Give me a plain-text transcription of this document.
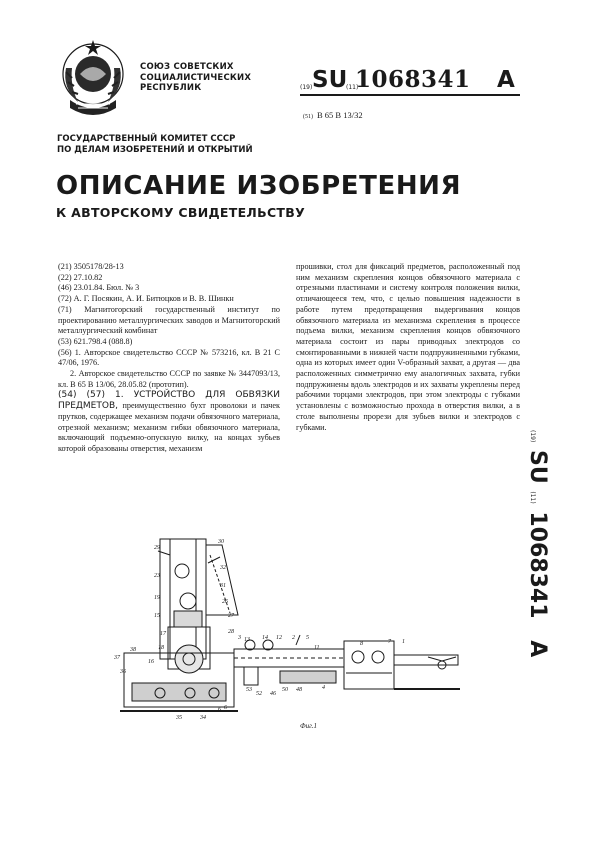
СОЮЗ СОВЕТСКИХ
СОЦИАЛИСТИЧЕСКИХ
РЕСПУБЛИК	(19) SU
(11)
1068341 A
(51) В 65 В 13/32
ГОСУДАРСТВЕННЫЙ КОМИТЕТ СССР
ПО ДЕЛАМ ИЗОБРЕТЕНИЙ И ОТКРЫТИЙ
ОПИСАНИЕ ИЗОБРЕТЕНИЯ
К АВТОРСКОМУ СВИДЕТЕЛЬСТВУ

(21) 3505178/28-13

(22) 27.10.82

(46) 23.01.84. Бюл. № 3

(72) А. Г. Посякин, А. И. Битюцков и В. В. Шинкн

(71) Магнитогорский государственный институт по проектированию металлургических заводов и Магнитогорский металлургический комбинат

(53) 621.798.4 (088.8)

(56) 1. Авторское свидетельство СССР № 573216, кл. В 21 С 47/06, 1976.

2. Авторское свидетельство СССР по заявке № 3447093/13, кл. В 65 В 13/06, 28.05.82 (прототип).

(54) (57) 1. УСТРОЙСТВО ДЛЯ ОБВЯЗКИ ПРЕДМЕТОВ, преимущественно бухт проволоки и пачек прутков, содержащее механизм подачи обвязочного материала, отрезной механизм; механизм гибки обвязочного материала, включающий подъемно-опускную вилку, на концах зубьев которой образованы отверстия, механизм

прошивки, стол для фиксаций предметов, расположенный под ним механизм скрепления концов обвязочного материала с отрезными пластинами и систему контроля положения вилки, отличающееся тем, что, с целью повышения надежности в работе путем предотвращения выдергивания концов обвязочного материала из механизма скрепления в процессе подъема вилки, механизм скрепления концов обвязочного материала состоит из пары приводных электродов со смонтированными в нижней части подпружиненными губками, одна из которых имеет один V-образный захват, а другая — два расположенных симметрично ему аналогичных захвата, губки подпружинены вдоль электродов и их захваты укреплены перед рабочими торцами электродов, при этом электроды с губками установлены с возможностью прохода в отверстия вилки, а в столе выполнены прорези для зубьев вилки и электродов с губками.

(19) SU (11) 1068341 A
29
30
32
31
23
19
15
17
18
16
26
27
28
36
35	34
37
38
3 13 14 12 2 5
1
11
53
52 46
4
6
50 48
6
8	7
Фиг.1
